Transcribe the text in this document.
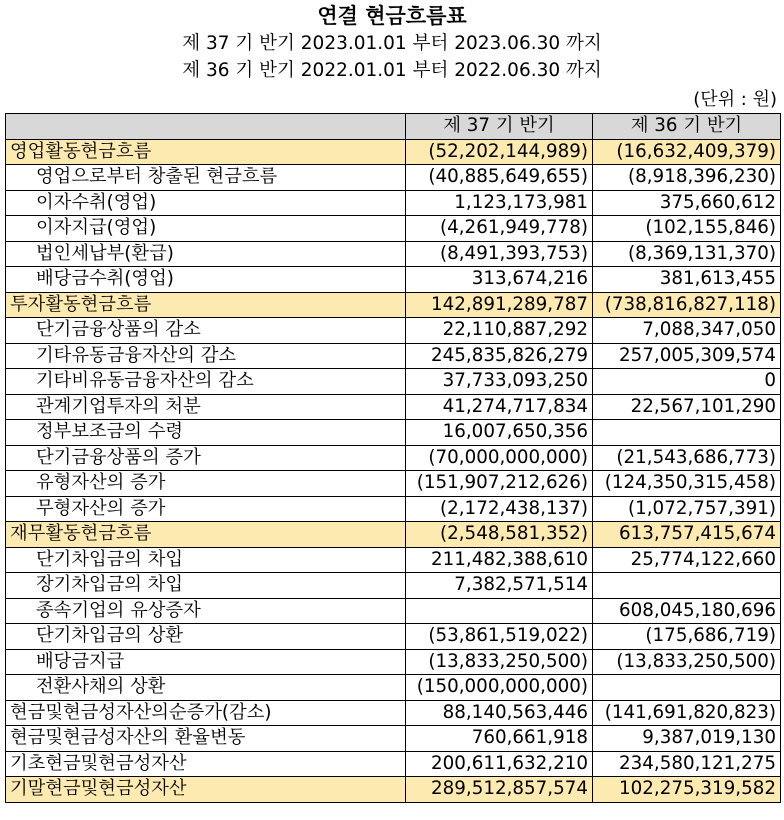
연결 현금흐름표
제 37 기 반기 2023.01.01 부터 2023.06.30 까지
제 36 기 반기 2022.01.01 부터 2022.06.30 까지
(단위 : 원)
	제 37 기 반기	제 36 기 반기
영업활동현금흐름	(52,202,144,989)	(16,632,409,379)
영업으로부터 창출된 현금흐름	(40,885,649,655)	(8,918,396,230)
이자수취(영업)	1,123,173,981	375,660,612
이자지급(영업)	(4,261,949,778)	(102,155,846)
법인세납부(환급)	(8,491,393,753)	(8,369,131,370)
배당금수취(영업)	313,674,216	381,613,455
투자활동현금흐름	142,891,289,787	(738,816,827,118)
단기금융상품의 감소	22,110,887,292	7,088,347,050
기타유동금융자산의 감소	245,835,826,279	257,005,309,574
기타비유동금융자산의 감소	37,733,093,250	0
관계기업투자의 처분	41,274,717,834	22,567,101,290
정부보조금의 수령	16,007,650,356	
단기금융상품의 증가	(70,000,000,000)	(21,543,686,773)
유형자산의 증가	(151,907,212,626)	(124,350,315,458)
무형자산의 증가	(2,172,438,137)	(1,072,757,391)
재무활동현금흐름	(2,548,581,352)	613,757,415,674
단기차입금의 차입	211,482,388,610	25,774,122,660
장기차입금의 차입	7,382,571,514	
종속기업의 유상증자		608,045,180,696
단기차입금의 상환	(53,861,519,022)	(175,686,719)
배당금지급	(13,833,250,500)	(13,833,250,500)
전환사채의 상환	(150,000,000,000)	
현금및현금성자산의순증가(감소)	88,140,563,446	(141,691,820,823)
현금및현금성자산의 환율변동	760,661,918	9,387,019,130
기초현금및현금성자산	200,611,632,210	234,580,121,275
기말현금및현금성자산	289,512,857,574	102,275,319,582
